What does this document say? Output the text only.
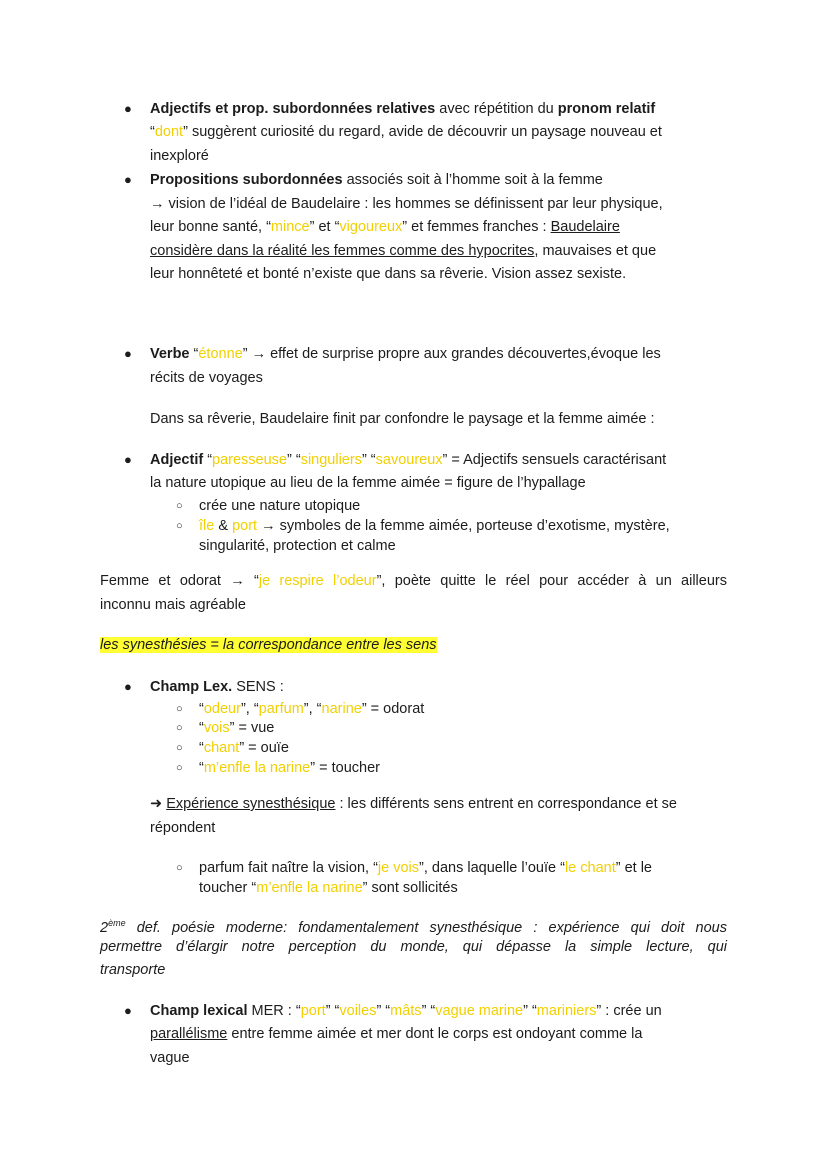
● Adjectifs et prop. subordonnées relatives avec répétition du pronom relatif
“dont” suggèrent curiosité du regard, avide de découvrir un paysage nouveau et
inexploré
● Propositions subordonnées associés soit à l’homme soit à la femme
→ vision de l’idéal de Baudelaire : les hommes se définissent par leur physique,
leur bonne santé, “mince” et “vigoureux” et femmes franches : Baudelaire
considère dans la réalité les femmes comme des hypocrites, mauvaises et que
leur honnêteté et bonté n’existe que dans sa rêverie. Vision assez sexiste.
● Verbe “étonne” → effet de surprise propre aux grandes découvertes,évoque les
récits de voyages
Dans sa rêverie, Baudelaire finit par confondre le paysage et la femme aimée :
● Adjectif “paresseuse” “singuliers” “savoureux” = Adjectifs sensuels caractérisant
la nature utopique au lieu de la femme aimée = figure de l’hypallage
○ crée une nature utopique
○ île & port → symboles de la femme aimée, porteuse d’exotisme, mystère,
singularité, protection et calme
Femme et odorat → “je respire l’odeur”, poète quitte le réel pour accéder à un ailleurs
inconnu mais agréable
les synesthésies = la correspondance entre les sens
● Champ Lex. SENS :
○ “odeur”, “parfum”, “narine” = odorat
○ “vois” = vue
○ “chant” = ouïe
○ “m’enfle la narine” = toucher
➜ Expérience synesthésique : les différents sens entrent en correspondance et se
répondent
○ parfum fait naître la vision, “je vois”, dans laquelle l’ouïe “le chant” et le
toucher “m’enfle la narine” sont sollicités
2ème def. poésie moderne: fondamentalement synesthésique : expérience qui doit nous
permettre d’élargir notre perception du monde, qui dépasse la simple lecture, qui
transporte
● Champ lexical MER : “port” “voiles” “mâts” “vague marine” “mariniers” : crée un
parallélisme entre femme aimée et mer dont le corps est ondoyant comme la
vague
